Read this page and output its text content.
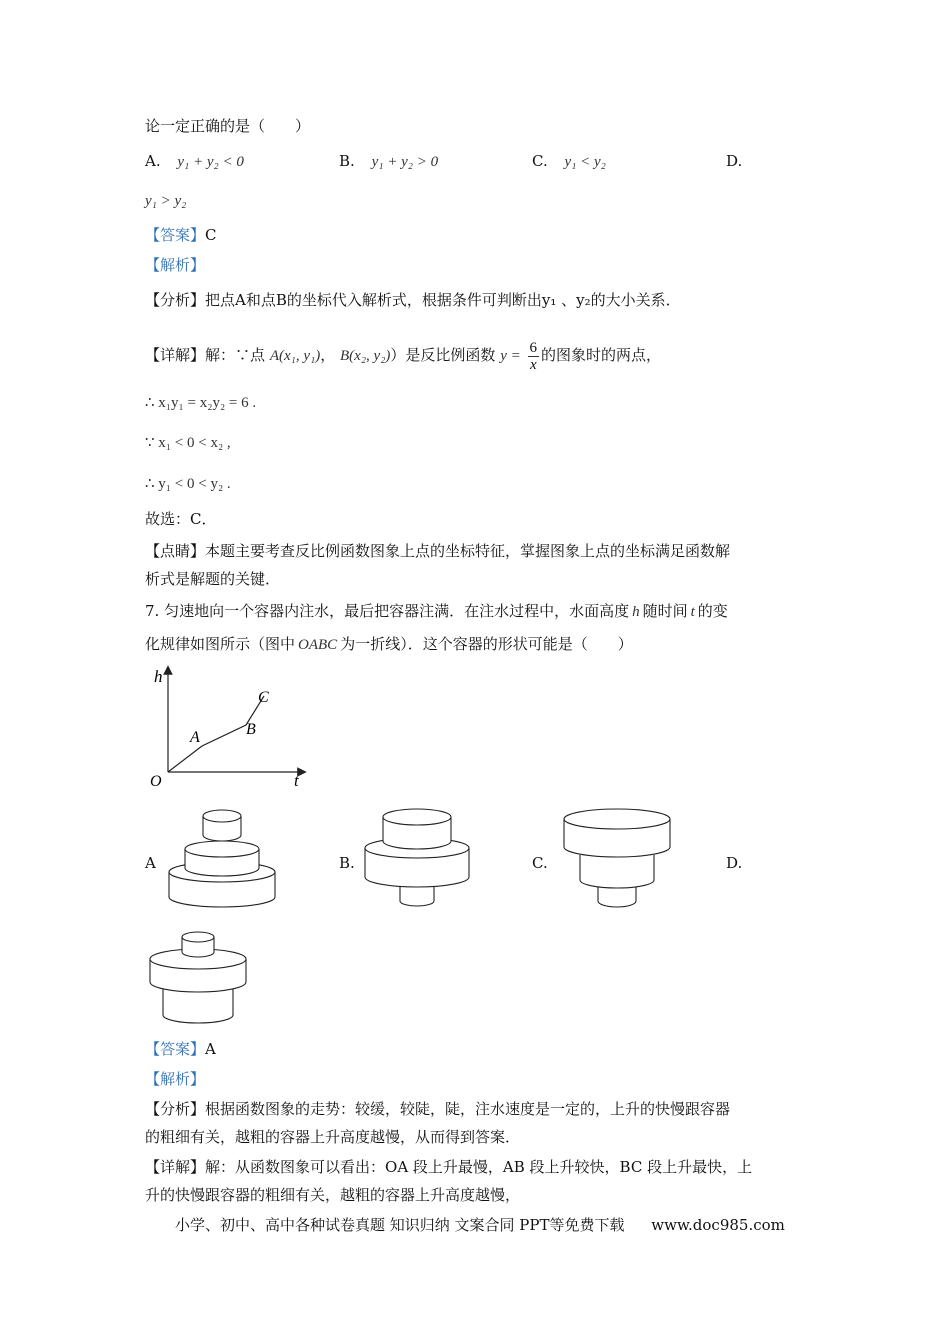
论一定正确的是（　　）
A. y₁ + y₂ < 0	B. y₁ + y₂ > 0	C. y₁ < y₂	D.
y₁ > y₂
【答案】C
【解析】
【分析】把点A和点B的坐标代入解析式，根据条件可判断出y₁ 、y₂的大小关系．
【详解】解：∵点 A(x₁, y₁)， B(x₂, y₂)）是反比例函数 $y = \frac{6}{x}$ 的图象时的两点，
∴ x₁y₁ = x₂y₂ = 6 .
∵ x₁ < 0 < x₂ ,
∴ y₁ < 0 < y₂ .
故选：C．
【点睛】本题主要考查反比例函数图象上点的坐标特征，掌握图象上点的坐标满足函数解
析式是解题的关键．
7. 匀速地向一个容器内注水，最后把容器注满．在注水过程中，水面高度 h 随时间 t 的变
化规律如图所示（图中 OABC 为一折线）．这个容器的形状可能是（　　）
h
t
O
A	B
C
A	B.	C.	D.
【答案】A
【解析】
【分析】根据函数图象的走势：较缓，较陡，陡，注水速度是一定的，上升的快慢跟容器
的粗细有关，越粗的容器上升高度越慢，从而得到答案．
【详解】解：从函数图象可以看出：OA 段上升最慢，AB 段上升较快，BC 段上升最快，上
升的快慢跟容器的粗细有关，越粗的容器上升高度越慢，
小学、初中、高中各种试卷真题 知识归纳 文案合同 PPT等免费下载 www.doc985.com
